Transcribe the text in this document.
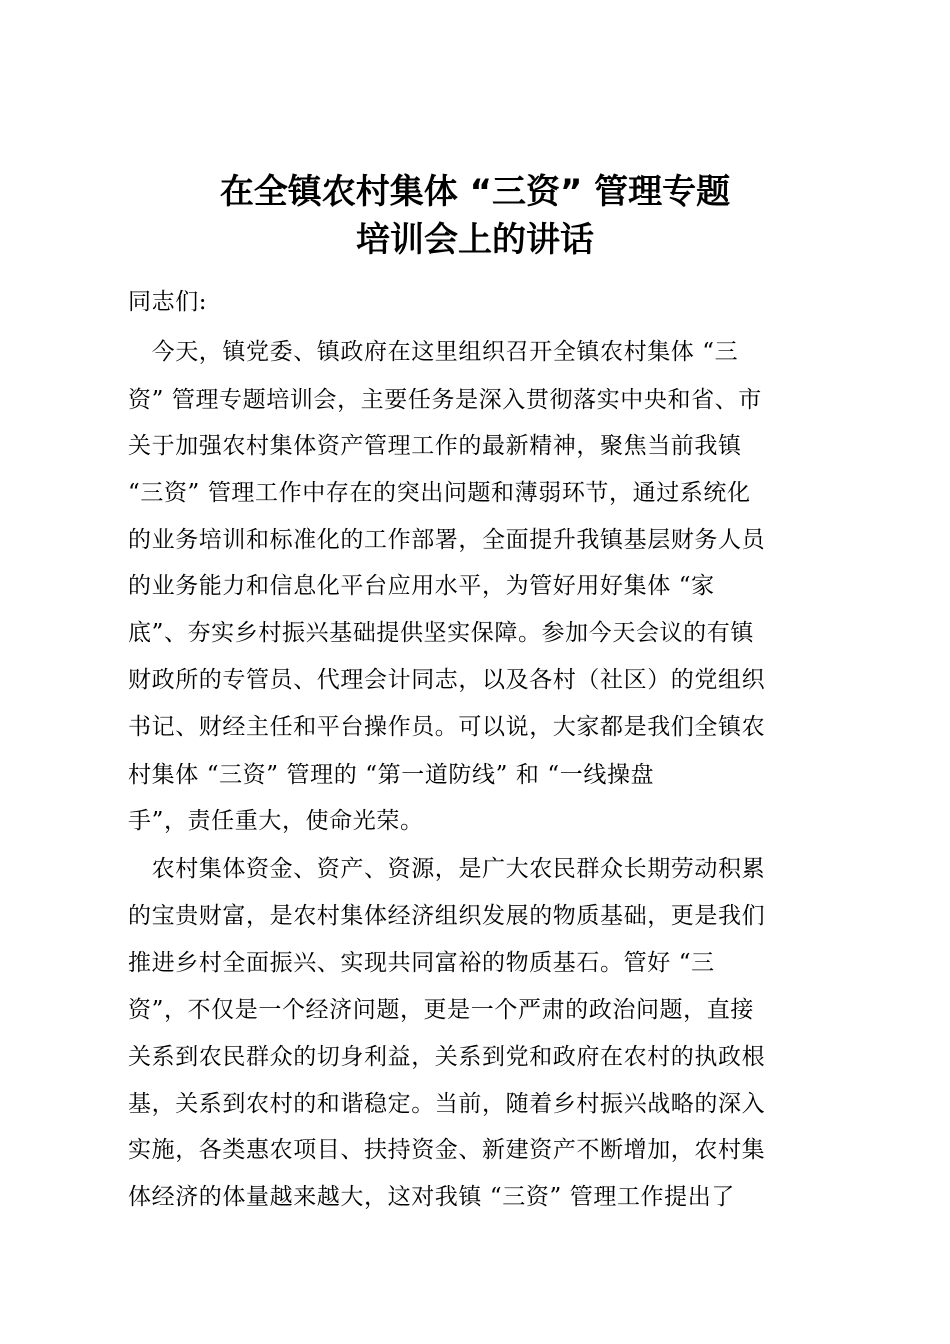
在全镇农村集体 “三资” 管理专题
培训会上的讲话
同志们:
　今天，镇党委、镇政府在这里组织召开全镇农村集体 “三
资” 管理专题培训会，主要任务是深入贯彻落实中央和省、市
关于加强农村集体资产管理工作的最新精神，聚焦当前我镇
“三资” 管理工作中存在的突出问题和薄弱环节，通过系统化
的业务培训和标准化的工作部署，全面提升我镇基层财务人员
的业务能力和信息化平台应用水平，为管好用好集体 “家
底”、夯实乡村振兴基础提供坚实保障。参加今天会议的有镇
财政所的专管员、代理会计同志，以及各村（社区）的党组织
书记、财经主任和平台操作员。可以说，大家都是我们全镇农
村集体 “三资” 管理的 “第一道防线” 和 “一线操盘
手”，责任重大，使命光荣。
　农村集体资金、资产、资源，是广大农民群众长期劳动积累
的宝贵财富，是农村集体经济组织发展的物质基础，更是我们
推进乡村全面振兴、实现共同富裕的物质基石。管好 “三
资”，不仅是一个经济问题，更是一个严肃的政治问题，直接
关系到农民群众的切身利益，关系到党和政府在农村的执政根
基，关系到农村的和谐稳定。当前，随着乡村振兴战略的深入
实施，各类惠农项目、扶持资金、新建资产不断增加，农村集
体经济的体量越来越大，这对我镇 “三资” 管理工作提出了
